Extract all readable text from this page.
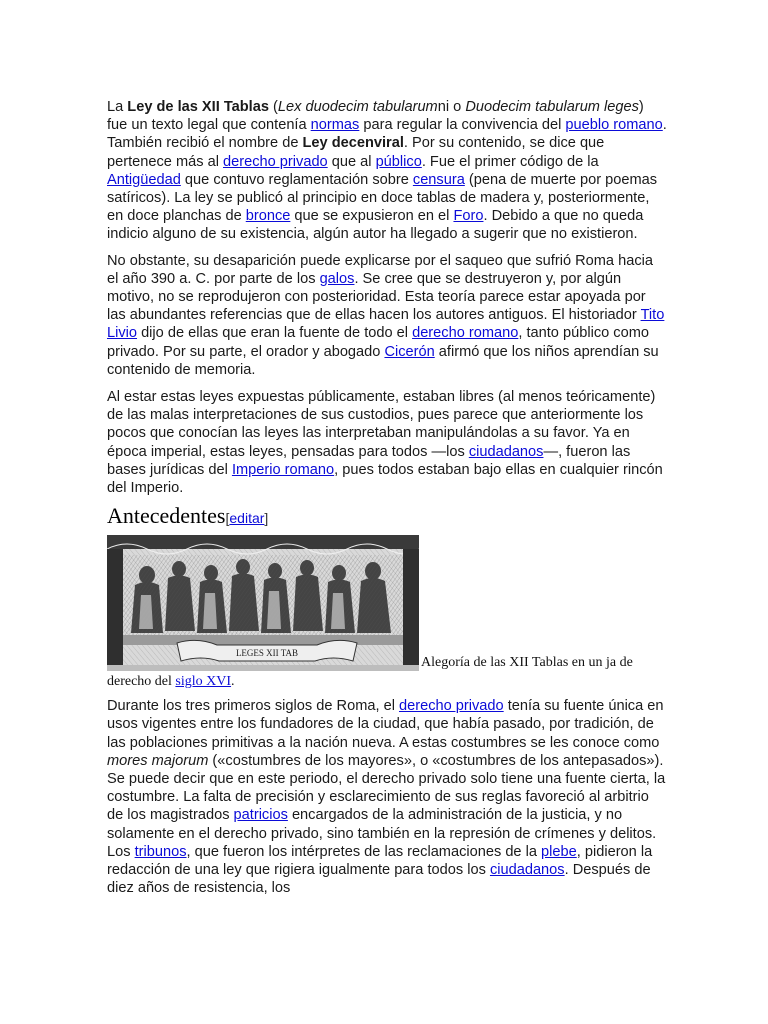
La Ley de las XII Tablas (Lex duodecim tabularumni o Duodecim tabularum leges) fue un texto legal que contenía normas para regular la convivencia del pueblo romano. También recibió el nombre de Ley decenviral. Por su contenido, se dice que pertenece más al derecho privado que al público. Fue el primer código de la Antigüedad que contuvo reglamentación sobre censura (pena de muerte por poemas satíricos). La ley se publicó al principio en doce tablas de madera y, posteriormente, en doce planchas de bronce que se expusieron en el Foro. Debido a que no queda indicio alguno de su existencia, algún autor ha llegado a sugerir que no existieron.

No obstante, su desaparición puede explicarse por el saqueo que sufrió Roma hacia el año 390 a. C. por parte de los galos. Se cree que se destruyeron y, por algún motivo, no se reprodujeron con posterioridad. Esta teoría parece estar apoyada por las abundantes referencias que de ellas hacen los autores antiguos. El historiador Tito Livio dijo de ellas que eran la fuente de todo el derecho romano, tanto público como privado. Por su parte, el orador y abogado Cicerón afirmó que los niños aprendían su contenido de memoria.

Al estar estas leyes expuestas públicamente, estaban libres (al menos teóricamente) de las malas interpretaciones de sus custodios, pues parece que anteriormente los pocos que conocían las leyes las interpretaban manipulándolas a su favor. Ya en época imperial, estas leyes, pensadas para todos —los ciudadanos—, fueron las bases jurídicas del Imperio romano, pues todos estaban bajo ellas en cualquier rincón del Imperio.

Antecedentes[editar]
LEGES XII TAB
Alegoría de las XII Tablas en un ja de
derecho del siglo XVI.

Durante los tres primeros siglos de Roma, el derecho privado tenía su fuente única en usos vigentes entre los fundadores de la ciudad, que había pasado, por tradición, de las poblaciones primitivas a la nación nueva. A estas costumbres se les conoce como mores majorum («costumbres de los mayores», o «costumbres de los antepasados»). Se puede decir que en este periodo, el derecho privado solo tiene una fuente cierta, la costumbre. La falta de precisión y esclarecimiento de sus reglas favoreció al arbitrio de los magistrados patricios encargados de la administración de la justicia, y no solamente en el derecho privado, sino también en la represión de crímenes y delitos. Los tribunos, que fueron los intérpretes de las reclamaciones de la plebe, pidieron la redacción de una ley que rigiera igualmente para todos los ciudadanos. Después de diez años de resistencia, los
